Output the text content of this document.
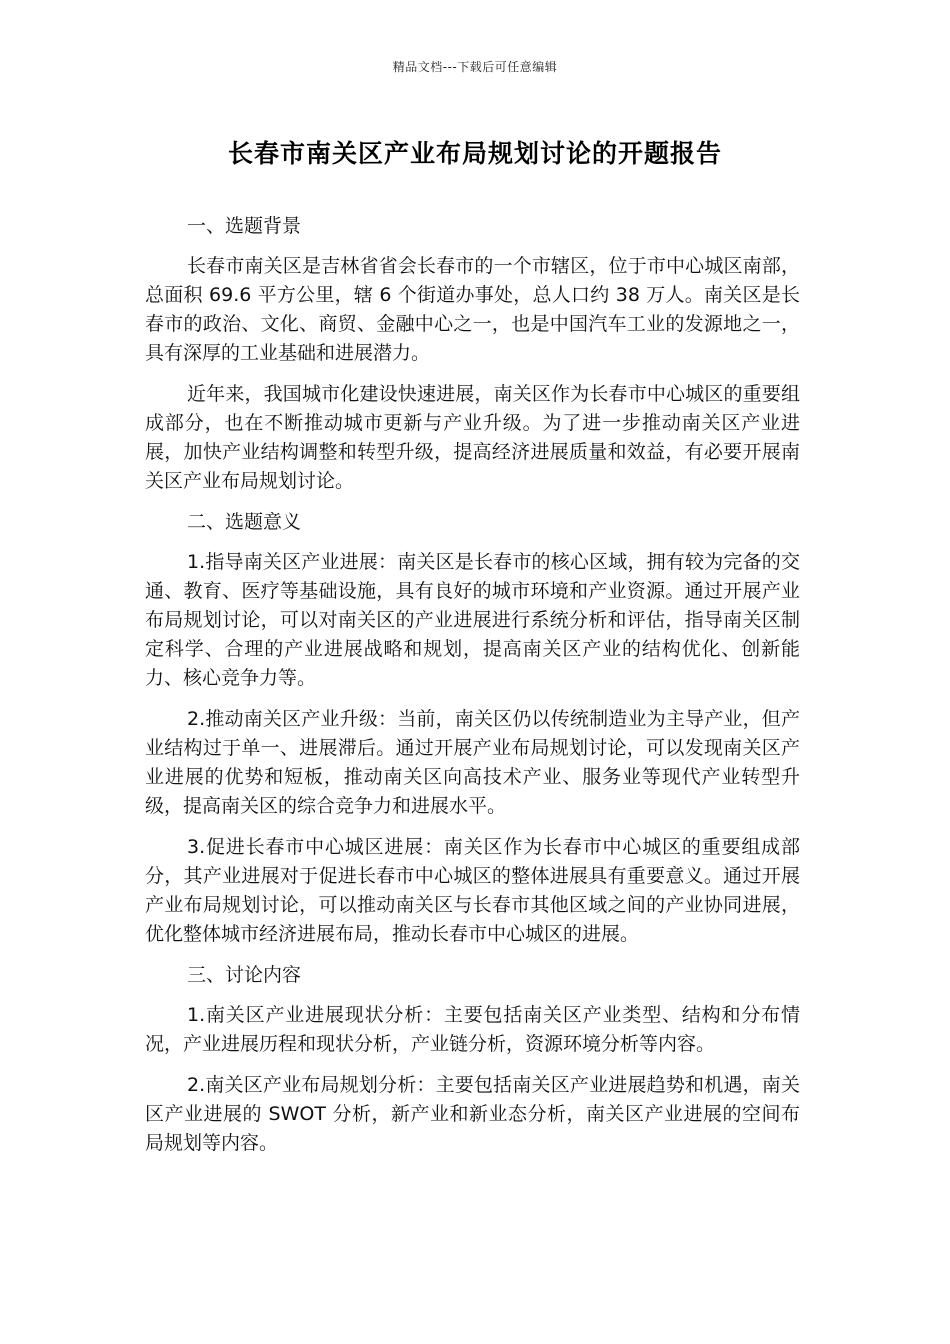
精品文档---下载后可任意编辑
长春市南关区产业布局规划讨论的开题报告

一、选题背景

长春市南关区是吉林省省会长春市的一个市辖区，位于市中心城区南部，总面积 69.6 平方公里，辖 6 个街道办事处，总人口约 38 万人。南关区是长春市的政治、文化、商贸、金融中心之一，也是中国汽车工业的发源地之一，具有深厚的工业基础和进展潜力。

近年来，我国城市化建设快速进展，南关区作为长春市中心城区的重要组成部分，也在不断推动城市更新与产业升级。为了进一步推动南关区产业进展，加快产业结构调整和转型升级，提高经济进展质量和效益，有必要开展南关区产业布局规划讨论。

二、选题意义

1.指导南关区产业进展：南关区是长春市的核心区域，拥有较为完备的交通、教育、医疗等基础设施，具有良好的城市环境和产业资源。通过开展产业布局规划讨论，可以对南关区的产业进展进行系统分析和评估，指导南关区制定科学、合理的产业进展战略和规划，提高南关区产业的结构优化、创新能力、核心竞争力等。

2.推动南关区产业升级：当前，南关区仍以传统制造业为主导产业，但产业结构过于单一、进展滞后。通过开展产业布局规划讨论，可以发现南关区产业进展的优势和短板，推动南关区向高技术产业、服务业等现代产业转型升级，提高南关区的综合竞争力和进展水平。

3.促进长春市中心城区进展：南关区作为长春市中心城区的重要组成部分，其产业进展对于促进长春市中心城区的整体进展具有重要意义。通过开展产业布局规划讨论，可以推动南关区与长春市其他区域之间的产业协同进展，优化整体城市经济进展布局，推动长春市中心城区的进展。

三、讨论内容

1.南关区产业进展现状分析：主要包括南关区产业类型、结构和分布情况，产业进展历程和现状分析，产业链分析，资源环境分析等内容。

2.南关区产业布局规划分析：主要包括南关区产业进展趋势和机遇，南关区产业进展的 SWOT 分析，新产业和新业态分析，南关区产业进展的空间布局规划等内容。
